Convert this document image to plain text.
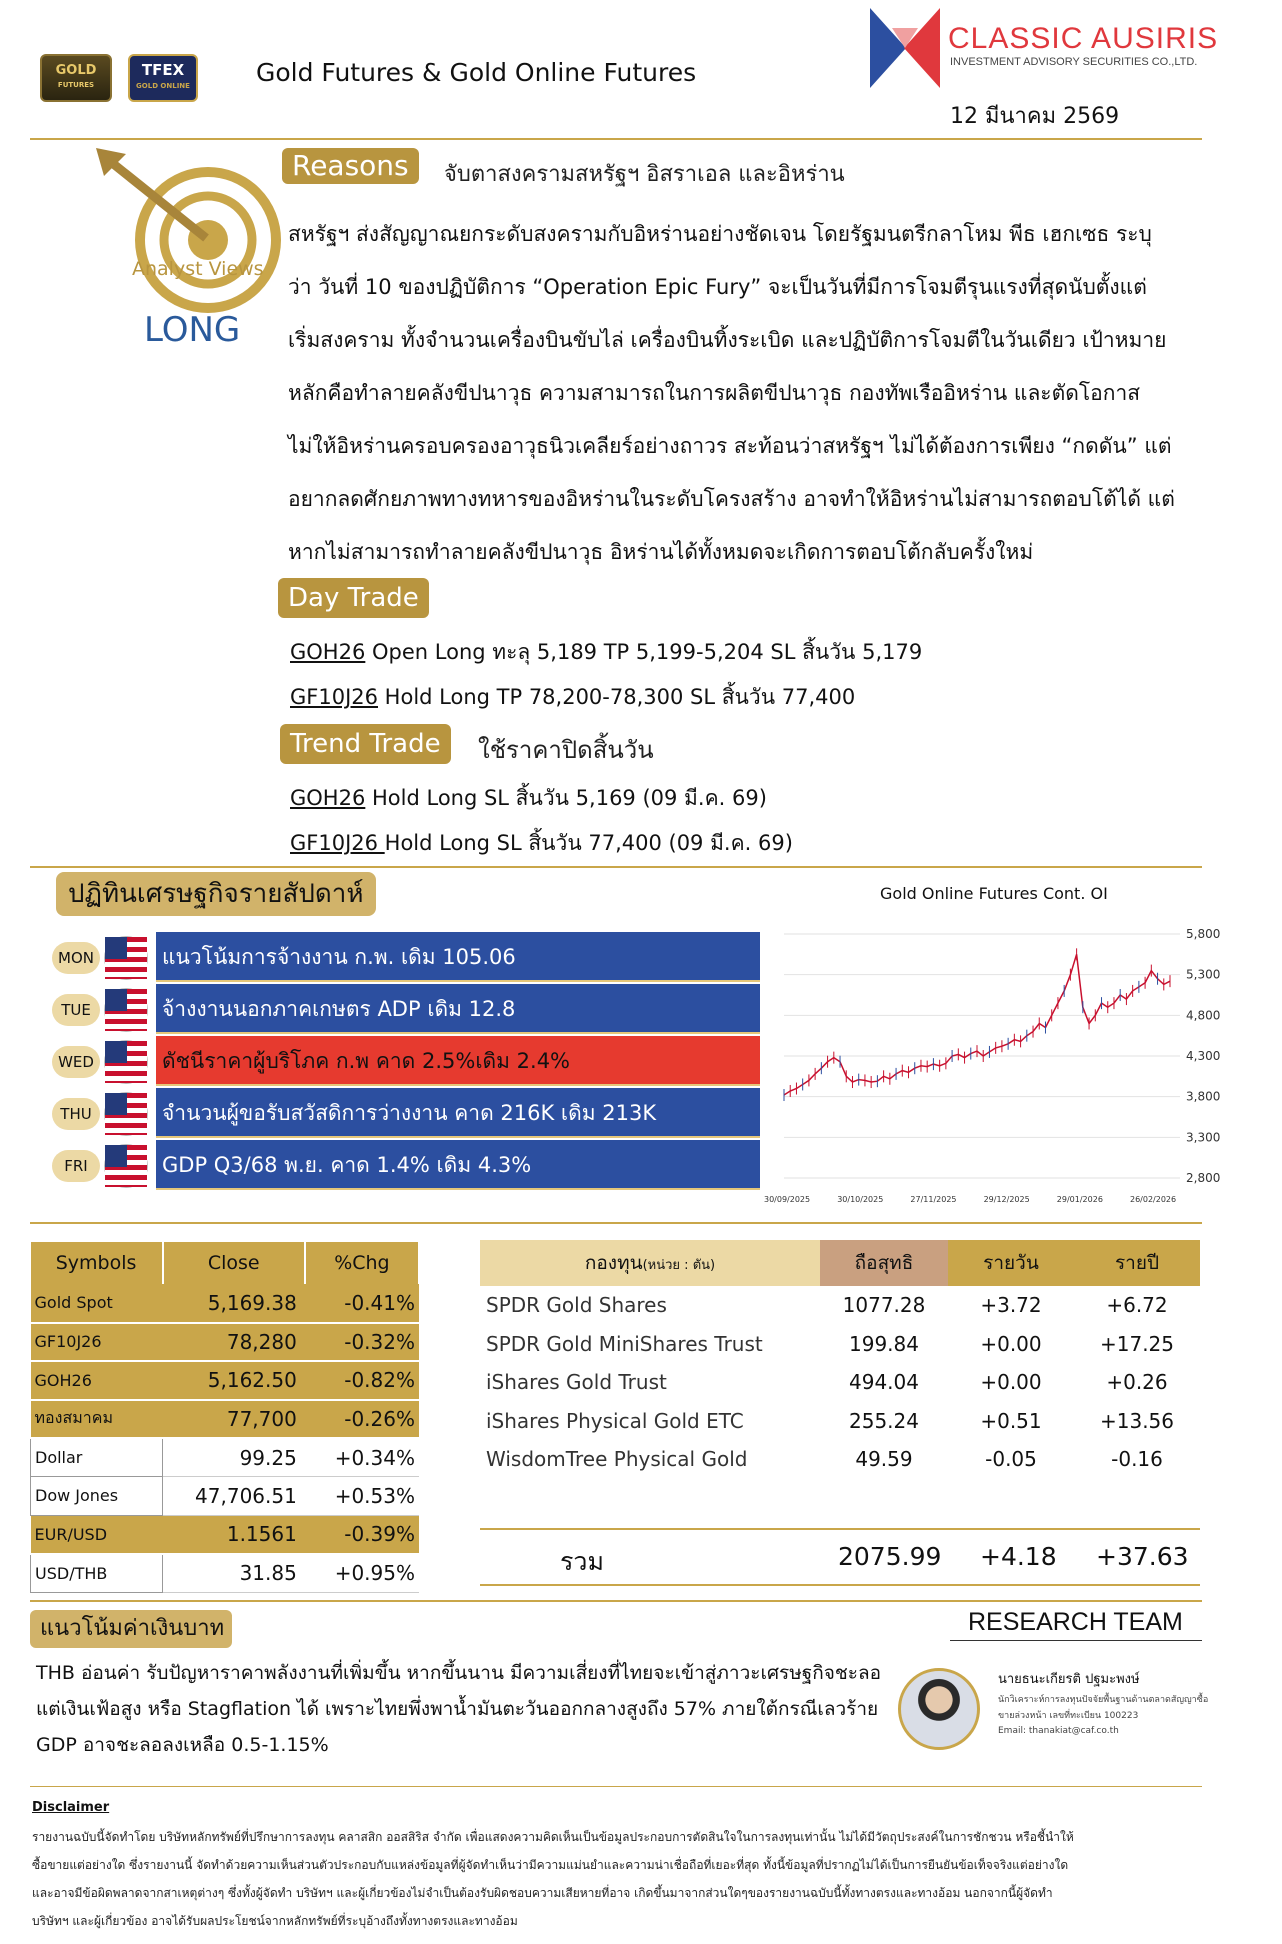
GOLD
FUTURES
TFEX
GOLD ONLINE	Gold Futures & Gold Online Futures
CLASSIC AUSIRIS
INVESTMENT ADVISORY SECURITIES CO.,LTD.
12 มีนาคม 2569
Analyst Views
LONG
Reasons	จับตาสงครามสหรัฐฯ อิสราเอล และอิหร่าน
สหรัฐฯ ส่งสัญญาณยกระดับสงครามกับอิหร่านอย่างชัดเจน โดยรัฐมนตรีกลาโหม พีธ เฮกเซธ ระบุ
ว่า วันที่ 10 ของปฏิบัติการ “Operation Epic Fury” จะเป็นวันที่มีการโจมตีรุนแรงที่สุดนับตั้งแต่
เริ่มสงคราม ทั้งจำนวนเครื่องบินขับไล่ เครื่องบินทิ้งระเบิด และปฏิบัติการโจมตีในวันเดียว เป้าหมาย
หลักคือทำลายคลังขีปนาวุธ ความสามารถในการผลิตขีปนาวุธ กองทัพเรืออิหร่าน และตัดโอกาส
ไม่ให้อิหร่านครอบครองอาวุธนิวเคลียร์อย่างถาวร สะท้อนว่าสหรัฐฯ ไม่ได้ต้องการเพียง “กดดัน” แต่
อยากลดศักยภาพทางทหารของอิหร่านในระดับโครงสร้าง อาจทำให้อิหร่านไม่สามารถตอบโต้ได้ แต่
หากไม่สามารถทำลายคลังขีปนาวุธ อิหร่านได้ทั้งหมดจะเกิดการตอบโต้กลับครั้งใหม่
Day Trade
GOH26 Open Long ทะลุ 5,189 TP 5,199-5,204 SL สิ้นวัน 5,179
GF10J26 Hold Long TP 78,200-78,300 SL สิ้นวัน 77,400
Trend Trade	ใช้ราคาปิดสิ้นวัน
GOH26 Hold Long SL สิ้นวัน 5,169 (09 มี.ค. 69)
GF10J26 Hold Long SL สิ้นวัน 77,400 (09 มี.ค. 69)
ปฏิทินเศรษฐกิจรายสัปดาห์
MON	แนวโน้มการจ้างงาน ก.พ. เดิม 105.06
TUE	จ้างงานนอกภาคเกษตร ADP เดิม 12.8
WED	ดัชนีราคาผู้บริโภค ก.พ คาด 2.5%เดิม 2.4%
THU	จำนวนผู้ขอรับสวัสดิการว่างงาน คาด 216K เดิม 213K
FRI	GDP Q3/68 พ.ย. คาด 1.4% เดิม 4.3%
Gold Online Futures Cont. OI
5,800
5,300
4,800
4,300
3,800
3,300
2,800
30/09/2025	30/10/2025	27/11/2025	29/12/2025	29/01/2026	26/02/2026
Symbols	Close	%Chg
Gold Spot	5,169.38	-0.41%
GF10J26	78,280	-0.32%
GOH26	5,162.50	-0.82%
ทองสมาคม	77,700	-0.26%
Dollar	99.25	+0.34%
Dow Jones	47,706.51	+0.53%
EUR/USD	1.1561	-0.39%
USD/THB	31.85	+0.95%
กองทุน(หน่วย : ตัน)	ถือสุทธิ	รายวัน	รายปี
SPDR Gold Shares	1077.28	+3.72	+6.72
SPDR Gold MiniShares Trust	199.84	+0.00	+17.25
iShares Gold Trust	494.04	+0.00	+0.26
iShares Physical Gold ETC	255.24	+0.51	+13.56
WisdomTree Physical Gold	49.59	-0.05	-0.16
รวม	2075.99 +4.18 +37.63
แนวโน้มค่าเงินบาท
THB อ่อนค่า รับปัญหาราคาพลังงานที่เพิ่มขึ้น หากขึ้นนาน มีความเสี่ยงที่ไทยจะเข้าสู่ภาวะเศรษฐกิจชะลอ
แต่เงินเฟ้อสูง หรือ Stagflation ได้ เพราะไทยพึ่งพาน้ำมันตะวันออกกลางสูงถึง 57% ภายใต้กรณีเลวร้าย
GDP อาจชะลอลงเหลือ 0.5-1.15%
RESEARCH TEAM
นายธนะเกียรติ ปฐมะพงษ์
นักวิเคราะห์การลงทุนปัจจัยพื้นฐานด้านตลาดสัญญาซื้อ
ขายล่วงหน้า เลขที่ทะเบียน 100223
Email: thanakiat@caf.co.th
Disclaimer
รายงานฉบับนี้จัดทำโดย บริษัทหลักทรัพย์ที่ปรึกษาการลงทุน คลาสสิก ออสสิริส จำกัด เพื่อแสดงความคิดเห็นเป็นข้อมูลประกอบการตัดสินใจในการลงทุนเท่านั้น ไม่ได้มีวัตถุประสงค์ในการชักชวน หรือชี้นำให้
ซื้อขายแต่อย่างใด ซึ่งรายงานนี้ จัดทำด้วยความเห็นส่วนตัวประกอบกับแหล่งข้อมูลที่ผู้จัดทำเห็นว่ามีความแม่นยำและความน่าเชื่อถือที่เยอะที่สุด ทั้งนี้ข้อมูลที่ปรากฏไม่ได้เป็นการยืนยันข้อเท็จจริงแต่อย่างใด
และอาจมีข้อผิดพลาดจากสาเหตุต่างๆ ซึ่งทั้งผู้จัดทำ บริษัทฯ และผู้เกี่ยวข้องไม่จำเป็นต้องรับผิดชอบความเสียหายที่อาจ เกิดขึ้นมาจากส่วนใดๆของรายงานฉบับนี้ทั้งทางตรงและทางอ้อม นอกจากนี้ผู้จัดทำ
บริษัทฯ และผู้เกี่ยวข้อง อาจได้รับผลประโยชน์จากหลักทรัพย์ที่ระบุอ้างถึงทั้งทางตรงและทางอ้อม
